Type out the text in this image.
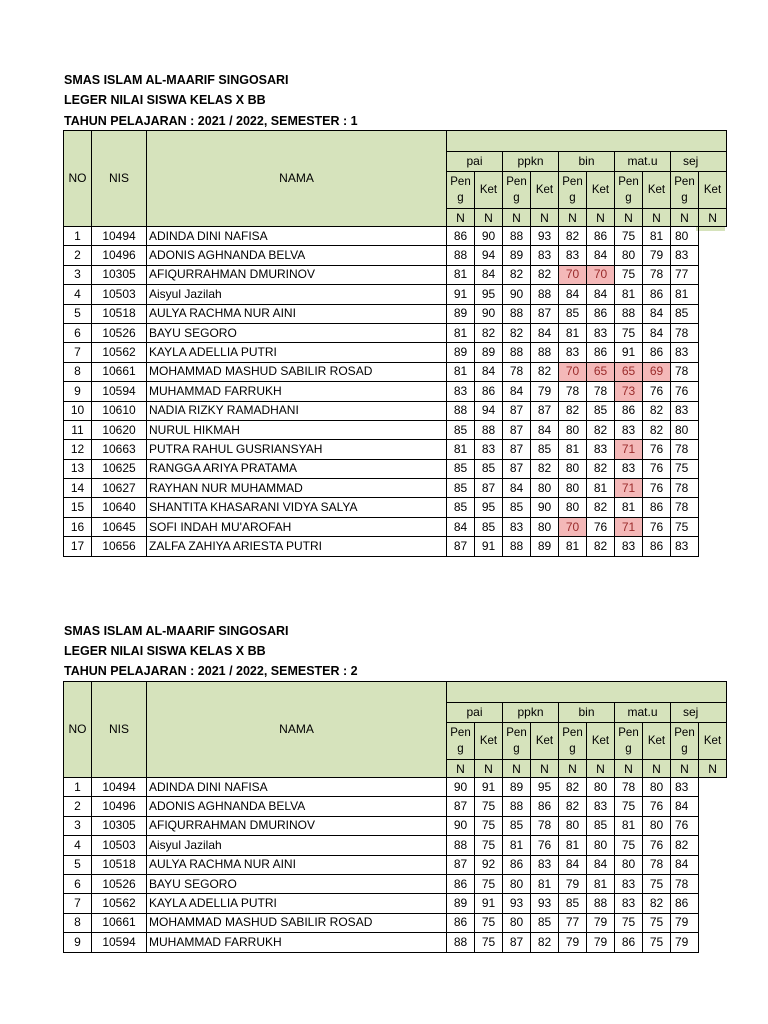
SMAS ISLAM AL-MAARIF SINGOSARI
LEGER NILAI SISWA KELAS X BB
TAHUN PELAJARAN : 2021 / 2022, SEMESTER : 1
NO	NIS	NAMA										
			pai		ppkn		bin		mat.u		sej	
			Pen g	Ket	Pen g	Ket	Pen g	Ket	Pen g	Ket	Pen g	Ket
			N	N	N	N	N	N	N	N	N	N
1	10494	ADINDA DINI NAFISA	86	90	88	93	82	86	75	81	80	
2	10496	ADONIS AGHNANDA BELVA	88	94	89	83	83	84	80	79	83	
3	10305	AFIQURRAHMAN DMURINOV	81	84	82	82	70	70	75	78	77	
4	10503	Aisyul Jazilah	91	95	90	88	84	84	81	86	81	
5	10518	AULYA RACHMA NUR AINI	89	90	88	87	85	86	88	84	85	
6	10526	BAYU SEGORO	81	82	82	84	81	83	75	84	78	
7	10562	KAYLA ADELLIA PUTRI	89	89	88	88	83	86	91	86	83	
8	10661	MOHAMMAD MASHUD SABILIR ROSAD	81	84	78	82	70	65	65	69	78	
9	10594	MUHAMMAD FARRUKH	83	86	84	79	78	78	73	76	76	
10	10610	NADIA RIZKY RAMADHANI	88	94	87	87	82	85	86	82	83	
11	10620	NURUL HIKMAH	85	88	87	84	80	82	83	82	80	
12	10663	PUTRA RAHUL GUSRIANSYAH	81	83	87	85	81	83	71	76	78	
13	10625	RANGGA ARIYA PRATAMA	85	85	87	82	80	82	83	76	75	
14	10627	RAYHAN NUR MUHAMMAD	85	87	84	80	80	81	71	76	78	
15	10640	SHANTITA KHASARANI VIDYA SALYA	85	95	85	90	80	82	81	86	78	
16	10645	SOFI INDAH MU'AROFAH	84	85	83	80	70	76	71	76	75	
17	10656	ZALFA ZAHIYA ARIESTA PUTRI	87	91	88	89	81	82	83	86	83	
SMAS ISLAM AL-MAARIF SINGOSARI
LEGER NILAI SISWA KELAS X BB
TAHUN PELAJARAN : 2021 / 2022, SEMESTER : 2
NO	NIS	NAMA										
			pai		ppkn		bin		mat.u		sej	
			Pen g	Ket	Pen g	Ket	Pen g	Ket	Pen g	Ket	Pen g	Ket
			N	N	N	N	N	N	N	N	N	N
1	10494	ADINDA DINI NAFISA	90	91	89	95	82	80	78	80	83	
2	10496	ADONIS AGHNANDA BELVA	87	75	88	86	82	83	75	76	84	
3	10305	AFIQURRAHMAN DMURINOV	90	75	85	78	80	85	81	80	76	
4	10503	Aisyul Jazilah	88	75	81	76	81	80	75	76	82	
5	10518	AULYA RACHMA NUR AINI	87	92	86	83	84	84	80	78	84	
6	10526	BAYU SEGORO	86	75	80	81	79	81	83	75	78	
7	10562	KAYLA ADELLIA PUTRI	89	91	93	93	85	88	83	82	86	
8	10661	MOHAMMAD MASHUD SABILIR ROSAD	86	75	80	85	77	79	75	75	79	
9	10594	MUHAMMAD FARRUKH	88	75	87	82	79	79	86	75	79	
